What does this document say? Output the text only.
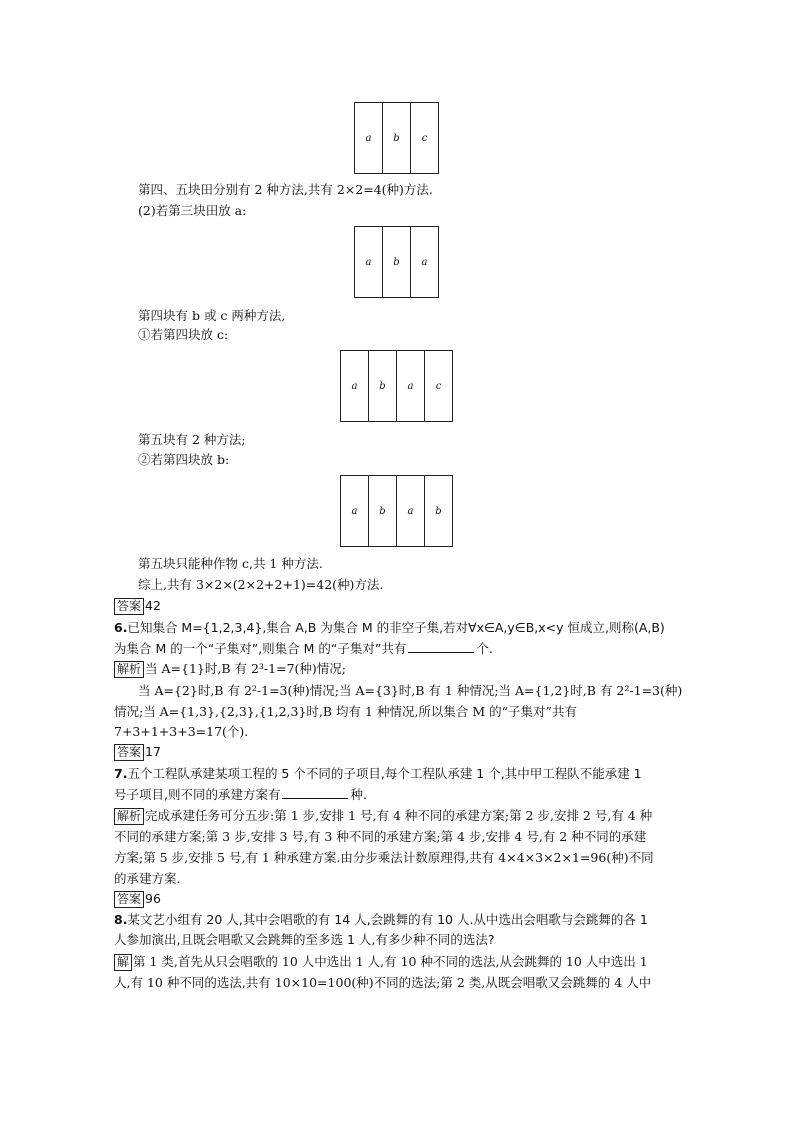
a	b	c
第四、五块田分别有 2 种方法,共有 2×2=4(种)方法.
(2)若第三块田放 a:
a	b	a
第四块有 b 或 c 两种方法,
①若第四块放 c:
a	b	a	c
第五块有 2 种方法;
②若第四块放 b:
a	b	a	b
第五块只能种作物 c,共 1 种方法.
综上,共有 3×2×(2×2+2+1)=42(种)方法.
答案 42
6.已知集合 M={1,2,3,4},集合 A,B 为集合 M 的非空子集,若对∀x∈A,y∈B,x<y 恒成立,则称(A,B)
为集合 M 的一个“子集对”,则集合 M 的“子集对”共有	个.
解析 当 A={1}时,B 有 2³-1=7(种)情况;
当 A={2}时,B 有 2²-1=3(种)情况;当 A={3}时,B 有 1 种情况;当 A={1,2}时,B 有 2²-1=3(种)
情况;当 A={1,3},{2,3},{1,2,3}时,B 均有 1 种情况,所以集合 M 的“子集对”共有
7+3+1+3+3=17(个).
答案 17
7.五个工程队承建某项工程的 5 个不同的子项目,每个工程队承建 1 个,其中甲工程队不能承建 1
号子项目,则不同的承建方案有	种.
解析 完成承建任务可分五步:第 1 步,安排 1 号,有 4 种不同的承建方案;第 2 步,安排 2 号,有 4 种
不同的承建方案;第 3 步,安排 3 号,有 3 种不同的承建方案;第 4 步,安排 4 号,有 2 种不同的承建
方案;第 5 步,安排 5 号,有 1 种承建方案.由分步乘法计数原理得,共有 4×4×3×2×1=96(种)不同
的承建方案.
答案 96
8.某文艺小组有 20 人,其中会唱歌的有 14 人,会跳舞的有 10 人.从中选出会唱歌与会跳舞的各 1
人参加演出,且既会唱歌又会跳舞的至多选 1 人,有多少种不同的选法?
解 第 1 类,首先从只会唱歌的 10 人中选出 1 人,有 10 种不同的选法,从会跳舞的 10 人中选出 1
人,有 10 种不同的选法,共有 10×10=100(种)不同的选法;第 2 类,从既会唱歌又会跳舞的 4 人中
